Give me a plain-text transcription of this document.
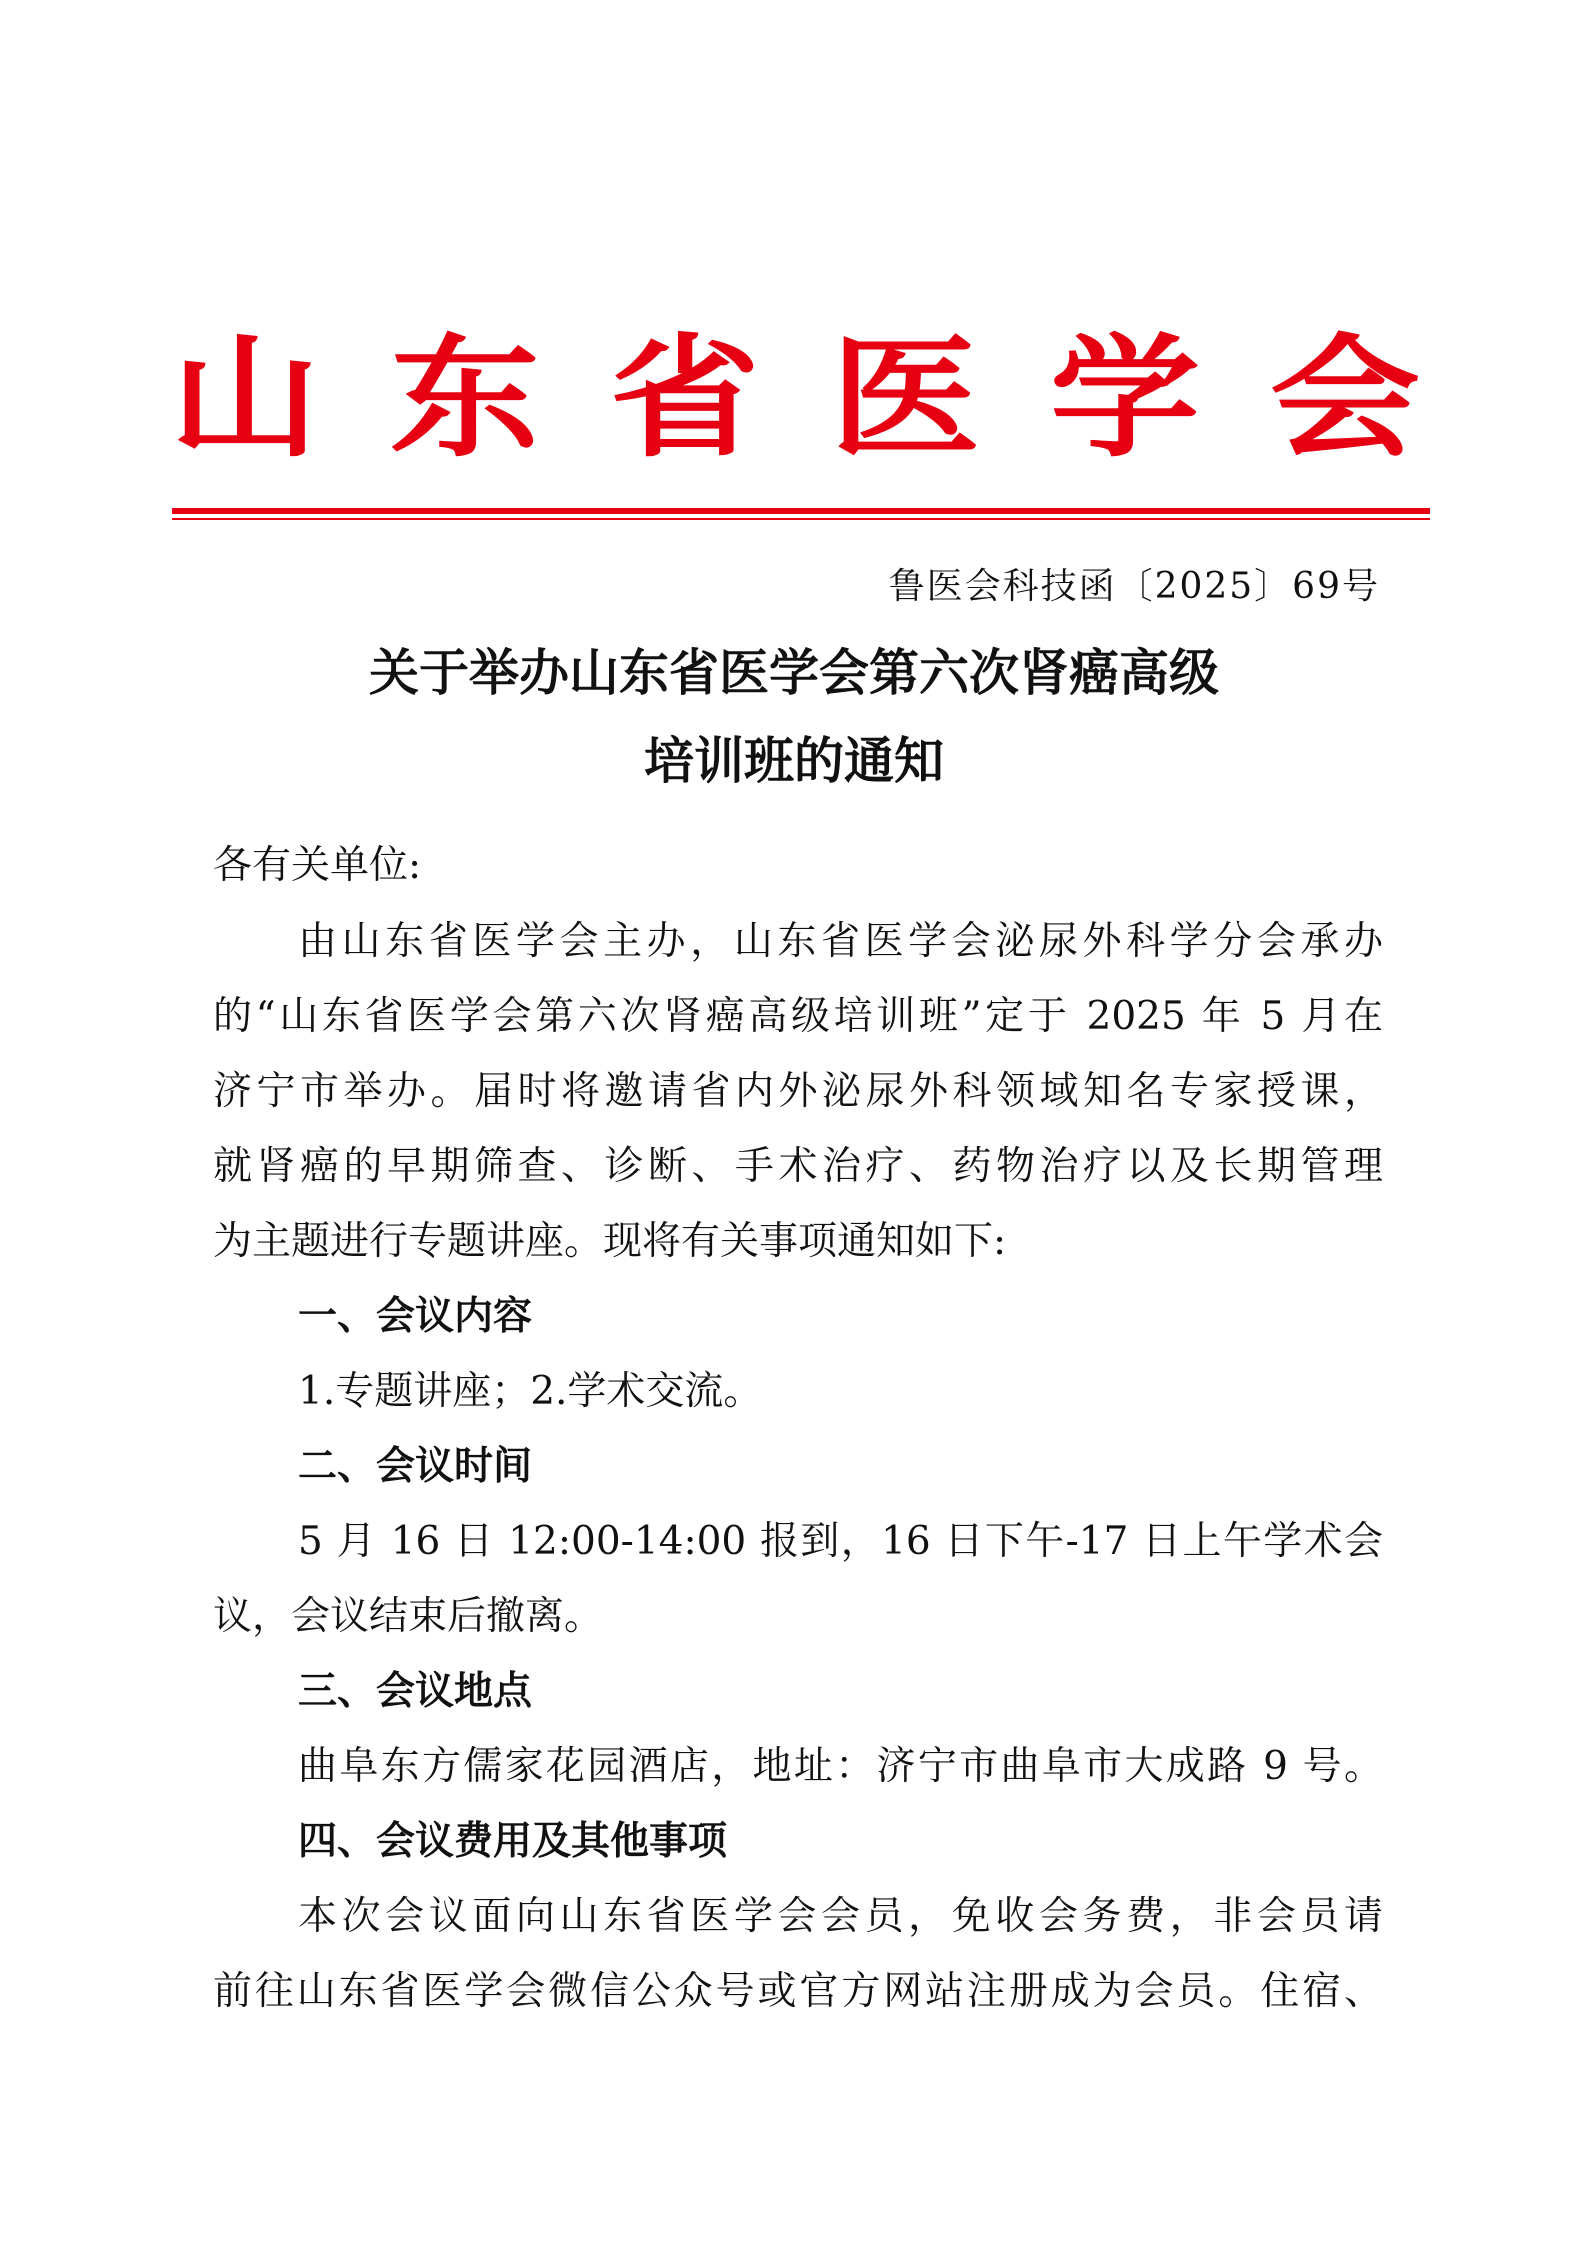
山 东 省 医 学 会
鲁医会科技函〔2025〕69号
关于举办山东省医学会第六次肾癌高级
培训班的通知
各有关单位:
由山东省医学会主办，山东省医学会泌尿外科学分会承办
的“山东省医学会第六次肾癌高级培训班”定于 2025 年 5 月在
济宁市举办。届时将邀请省内外泌尿外科领域知名专家授课，
就肾癌的早期筛查、诊断、手术治疗、药物治疗以及长期管理
为主题进行专题讲座。现将有关事项通知如下:
一、会议内容
1.专题讲座；2.学术交流。
二、会议时间
5 月 16 日 12:00-14:00 报到，16 日下午-17 日上午学术会
议，会议结束后撤离。
三、会议地点
曲阜东方儒家花园酒店，地址：济宁市曲阜市大成路 9 号。
四、会议费用及其他事项
本次会议面向山东省医学会会员，免收会务费，非会员请
前往山东省医学会微信公众号或官方网站注册成为会员。住宿、
